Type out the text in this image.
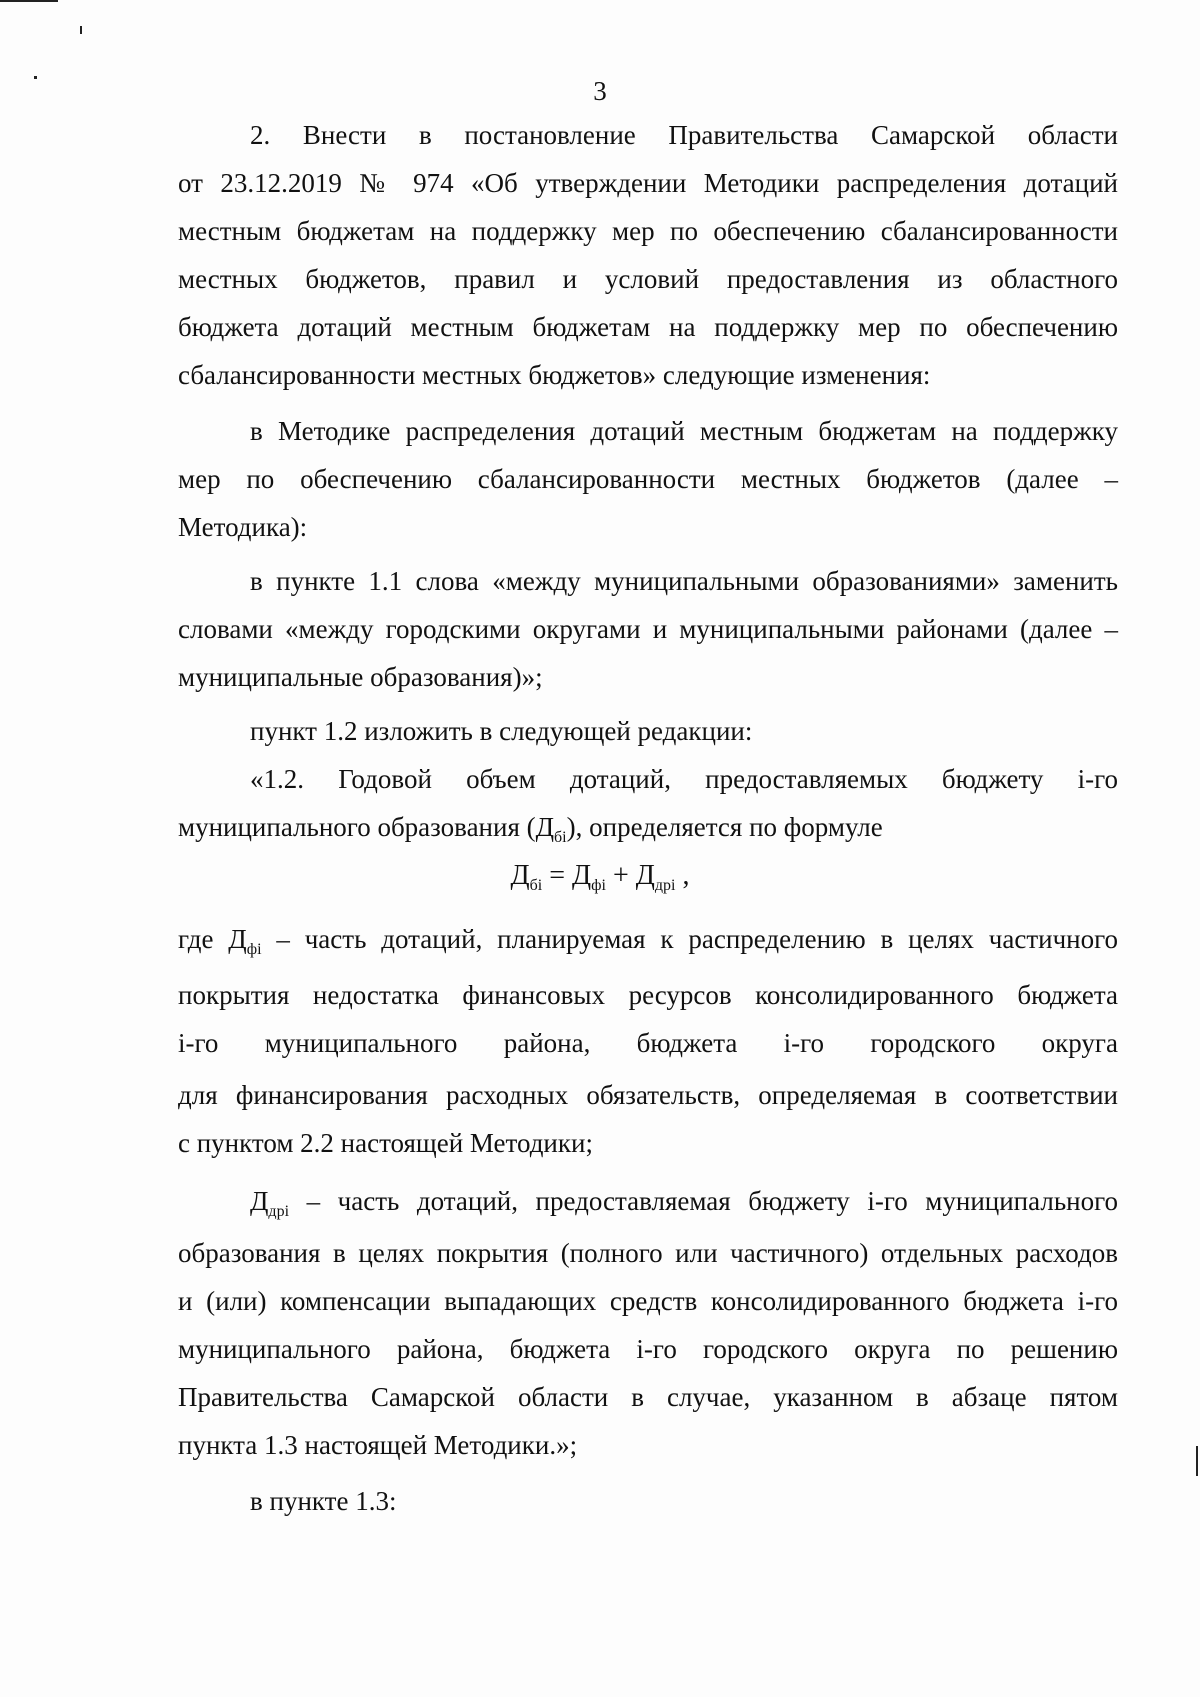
3
2. Внести в постановление Правительства Самарской области
от 23.12.2019 № 974 «Об утверждении Методики распределения дотаций
местным бюджетам на поддержку мер по обеспечению сбалансированности
местных бюджетов, правил и условий предоставления из областного
бюджета дотаций местным бюджетам на поддержку мер по обеспечению
сбалансированности местных бюджетов» следующие изменения:
в Методике распределения дотаций местным бюджетам на поддержку
мер по обеспечению сбалансированности местных бюджетов (далее –
Методика):
в пункте 1.1 слова «между муниципальными образованиями» заменить
словами «между городскими округами и муниципальными районами (далее –
муниципальные образования)»;
пункт 1.2 изложить в следующей редакции:
«1.2. Годовой объем дотаций, предоставляемых бюджету i-го
муниципального образования $(Д_{бi})$, определяется по формуле
$Д_{бi} = Д_{фi} + Д_{дрi}$ ,
где $Д_{фi}$ – часть дотаций, планируемая к распределению в целях частичного
покрытия недостатка финансовых ресурсов консолидированного бюджета
i-го муниципального района, бюджета i-го городского округа
для финансирования расходных обязательств, определяемая в соответствии
с пунктом 2.2 настоящей Методики;
$Д_{дрi}$ – часть дотаций, предоставляемая бюджету i-го муниципального
образования в целях покрытия (полного или частичного) отдельных расходов
и (или) компенсации выпадающих средств консолидированного бюджета i-го
муниципального района, бюджета i-го городского округа по решению
Правительства Самарской области в случае, указанном в абзаце пятом
пункта 1.3 настоящей Методики.»;
в пункте 1.3:
